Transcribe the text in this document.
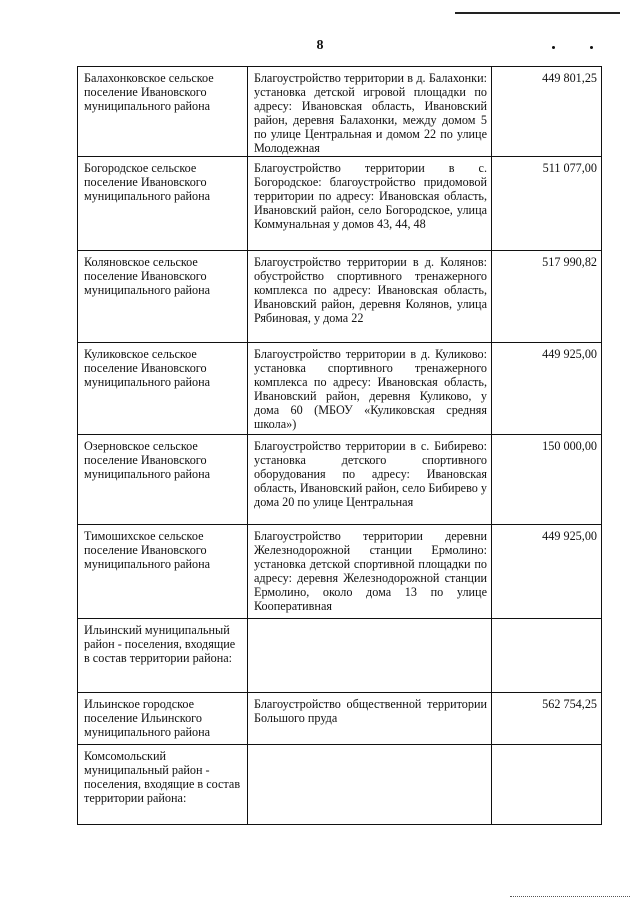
8
Балахонковское сельское поселение Ивановского муниципального района	Благоустройство территории в д. Балахонки: установка детской игровой площадки по адресу: Ивановская область, Ивановский район, деревня Балахонки, между домом 5 по улице Центральная и домом 22 по улице Молодежная	449 801,25
Богородское сельское поселение Ивановского муниципального района	Благоустройство территории в с. Богородское: благоустройство придомовой территории по адресу: Ивановская область, Ивановский район, село Богородское, улица Коммунальная у домов 43, 44, 48	511 077,00
Коляновское сельское поселение Ивановского муниципального района	Благоустройство территории в д. Колянов: обустройство спортивного тренажерного комплекса по адресу: Ивановская область, Ивановский район, деревня Колянов, улица Рябиновая, у дома 22	517 990,82
Куликовское сельское поселение Ивановского муниципального района	Благоустройство территории в д. Куликово: установка спортивного тренажерного комплекса по адресу: Ивановская область, Ивановский район, деревня Куликово, у дома 60 (МБОУ «Куликовская средняя школа»)	449 925,00
Озерновское сельское поселение Ивановского муниципального района	Благоустройство территории в с. Бибирево: установка детского спортивного оборудования по адресу: Ивановская область, Ивановский район, село Бибирево у дома 20 по улице Центральная	150 000,00
Тимошихское сельское поселение Ивановского муниципального района	Благоустройство территории деревни Железнодорожной станции Ермолино: установка детской спортивной площадки по адресу: деревня Железнодорожной станции Ермолино, около дома 13 по улице Кооперативная	449 925,00
Ильинский муниципальный район - поселения, входящие в состав территории района:		
Ильинское городское поселение Ильинского муниципального района	Благоустройство общественной территории Большого пруда	562 754,25
Комсомольский муниципальный район - поселения, входящие в состав территории района:		
